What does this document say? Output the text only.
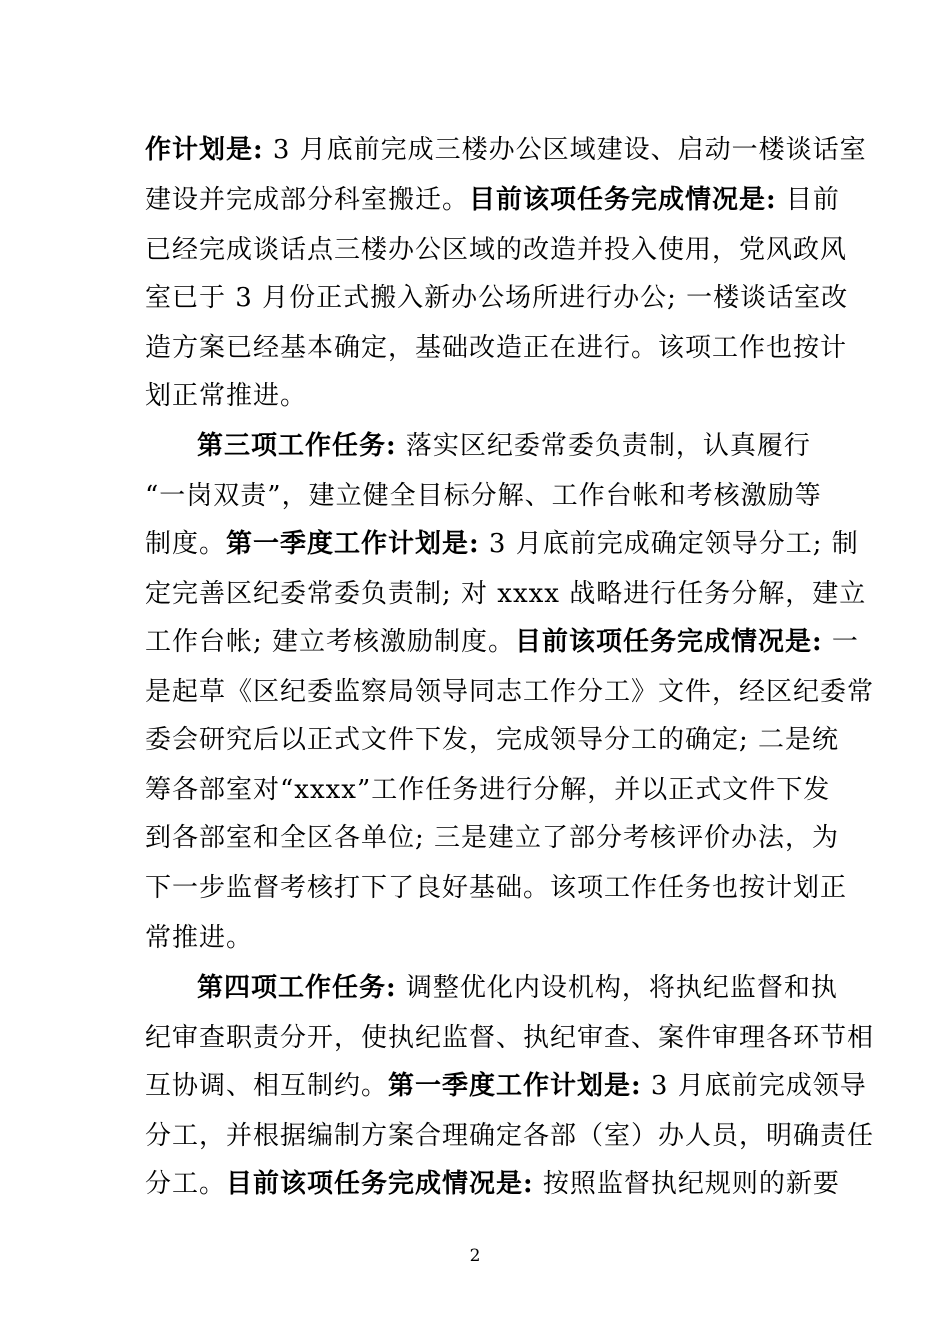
作计划是: 3 月底前完成三楼办公区域建设、启动一楼谈话室
建设并完成部分科室搬迁。目前该项任务完成情况是: 目前
已经完成谈话点三楼办公区域的改造并投入使用，党风政风
室已于 3 月份正式搬入新办公场所进行办公; 一楼谈话室改
造方案已经基本确定，基础改造正在进行。该项工作也按计
划正常推进。
第三项工作任务: 落实区纪委常委负责制，认真履行
“一岗双责”，建立健全目标分解、工作台帐和考核激励等
制度。第一季度工作计划是: 3 月底前完成确定领导分工; 制
定完善区纪委常委负责制; 对 xxxx 战略进行任务分解，建立
工作台帐; 建立考核激励制度。目前该项任务完成情况是: 一
是起草《区纪委监察局领导同志工作分工》文件，经区纪委常
委会研究后以正式文件下发，完成领导分工的确定; 二是统
筹各部室对“xxxx”工作任务进行分解，并以正式文件下发
到各部室和全区各单位; 三是建立了部分考核评价办法，为
下一步监督考核打下了良好基础。该项工作任务也按计划正
常推进。
第四项工作任务: 调整优化内设机构，将执纪监督和执
纪审查职责分开，使执纪监督、执纪审查、案件审理各环节相
互协调、相互制约。第一季度工作计划是: 3 月底前完成领导
分工，并根据编制方案合理确定各部（室）办人员，明确责任
分工。目前该项任务完成情况是: 按照监督执纪规则的新要
2
